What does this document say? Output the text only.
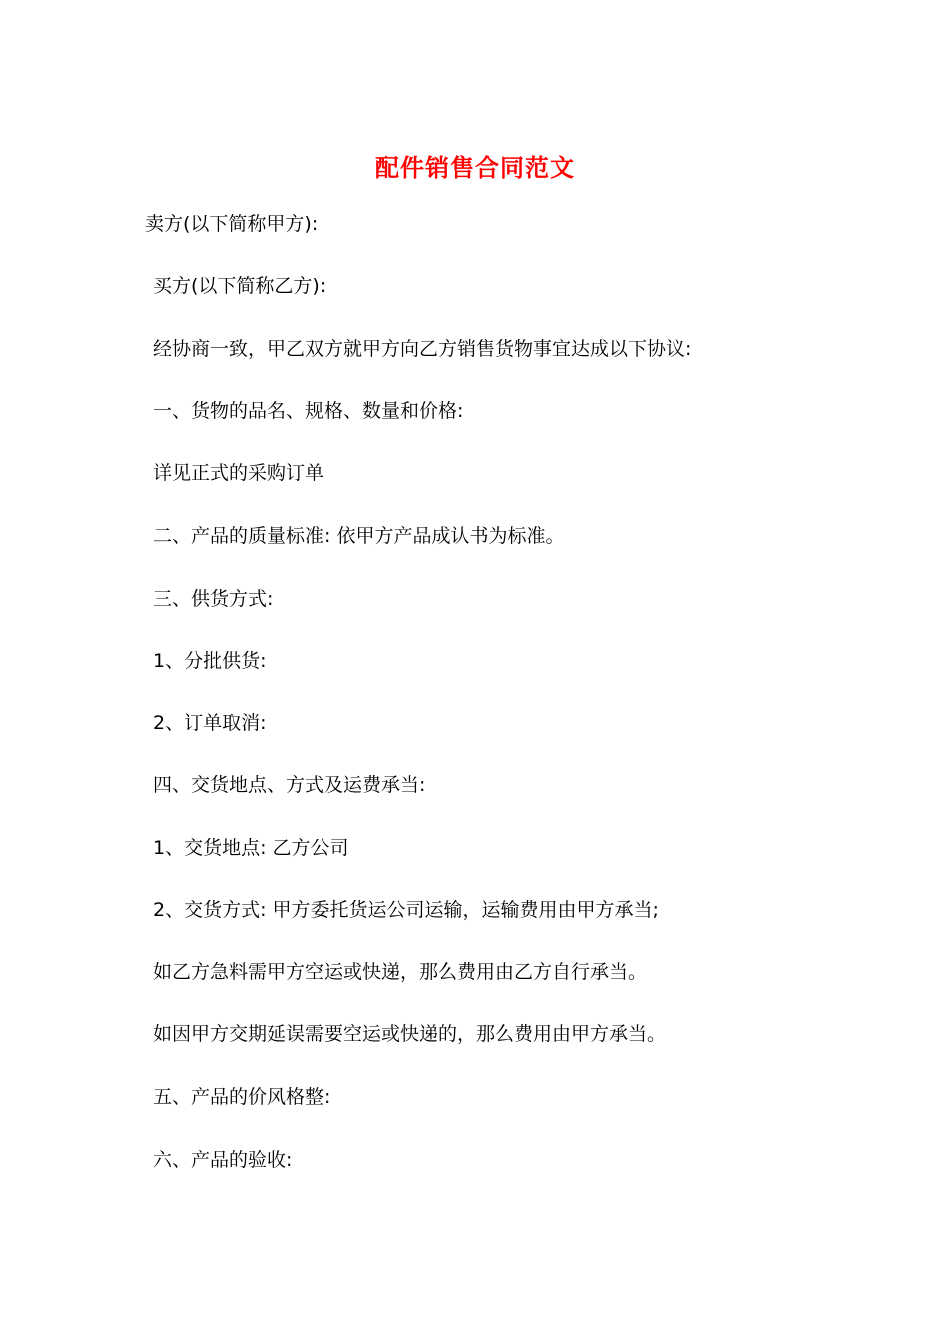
配件销售合同范文
卖方(以下简称甲方):
买方(以下简称乙方):
经协商一致，甲乙双方就甲方向乙方销售货物事宜达成以下协议:
一、货物的品名、规格、数量和价格:
详见正式的采购订单
二、产品的质量标准: 依甲方产品成认书为标准。
三、供货方式:
1、分批供货:
2、订单取消:
四、交货地点、方式及运费承当:
1、交货地点: 乙方公司
2、交货方式: 甲方委托货运公司运输，运输费用由甲方承当;
如乙方急料需甲方空运或快递，那么费用由乙方自行承当。
如因甲方交期延误需要空运或快递的，那么费用由甲方承当。
五、产品的价风格整:
六、产品的验收:
